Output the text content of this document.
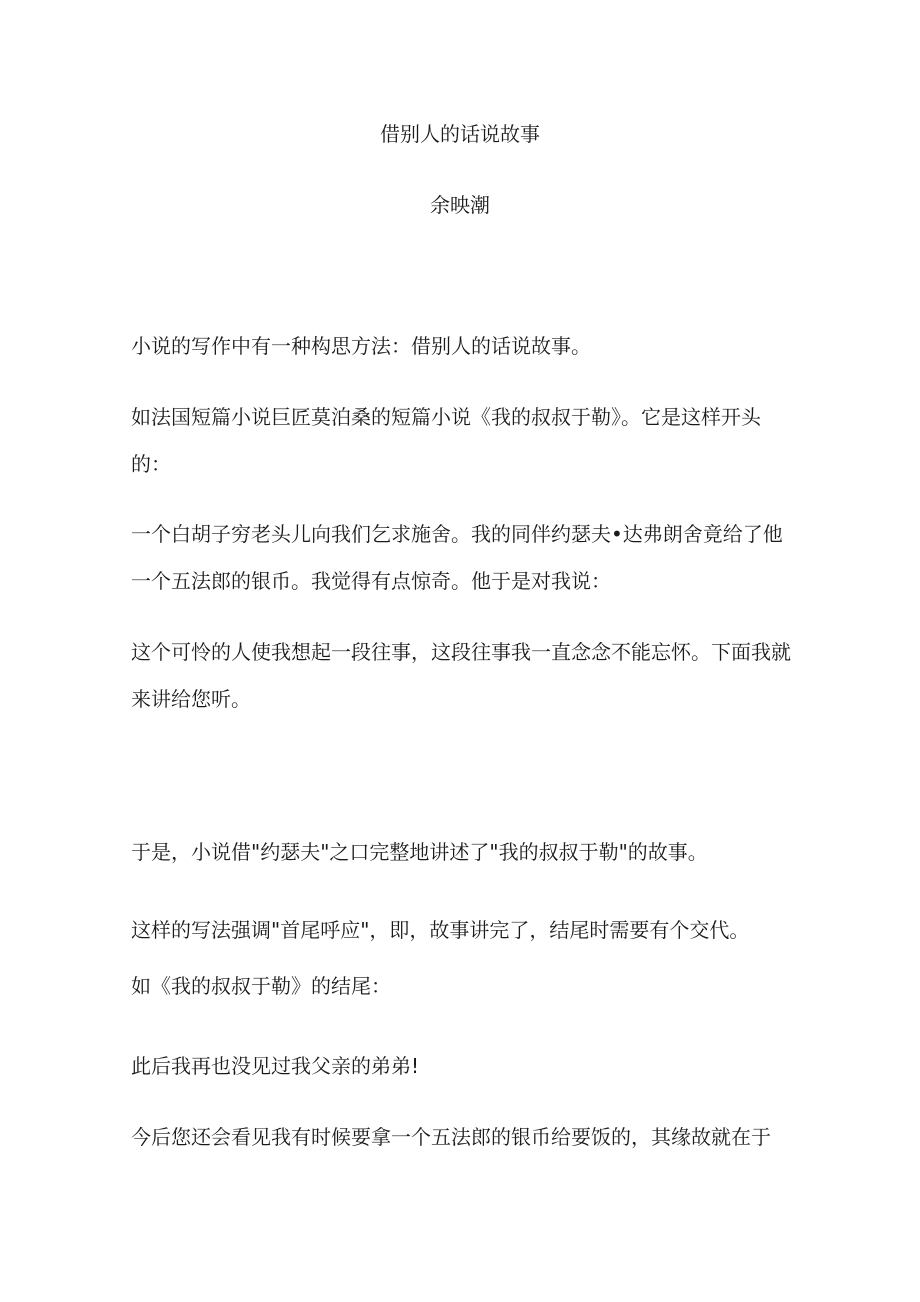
借别人的话说故事
余映潮

小说的写作中有一种构思方法：借别人的话说故事。

如法国短篇小说巨匠莫泊桑的短篇小说《我的叔叔于勒》。它是这样开头的：

一个白胡子穷老头儿向我们乞求施舍。我的同伴约瑟夫•达弗朗舍竟给了他一个五法郎的银币。我觉得有点惊奇。他于是对我说：

这个可怜的人使我想起一段往事，这段往事我一直念念不能忘怀。下面我就来讲给您听。

于是，小说借"约瑟夫"之口完整地讲述了"我的叔叔于勒"的故事。

这样的写法强调"首尾呼应"，即，故事讲完了，结尾时需要有个交代。

如《我的叔叔于勒》的结尾：

此后我再也没见过我父亲的弟弟!

今后您还会看见我有时候要拿一个五法郎的银币给要饭的，其缘故就在于
